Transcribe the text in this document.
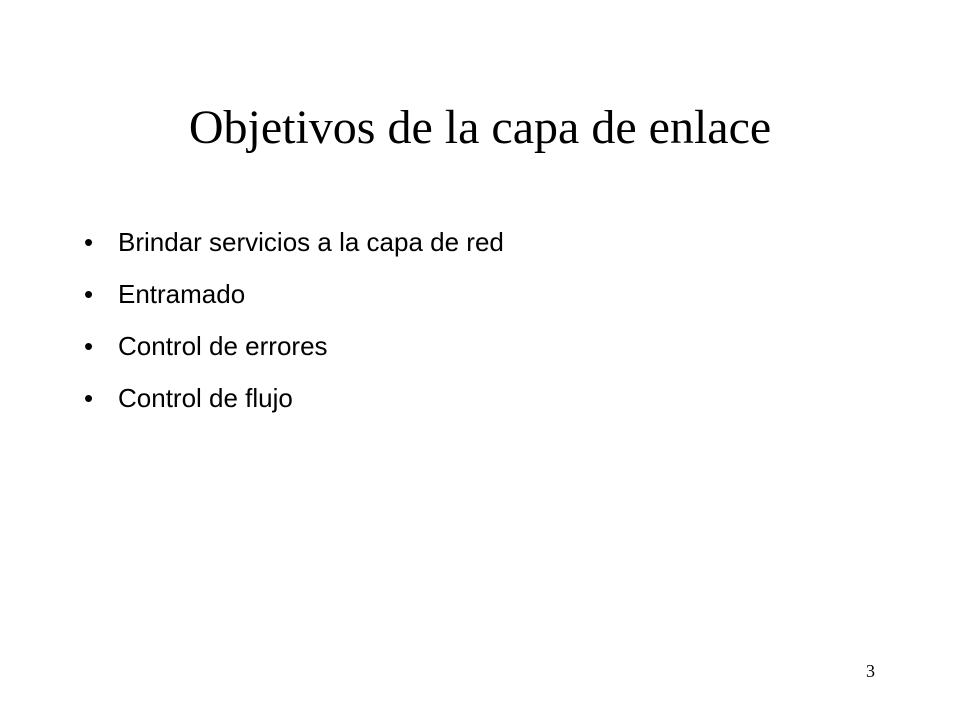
Objetivos de la capa de enlace
• Brindar servicios a la capa de red
• Entramado
• Control de errores
• Control de flujo
3
